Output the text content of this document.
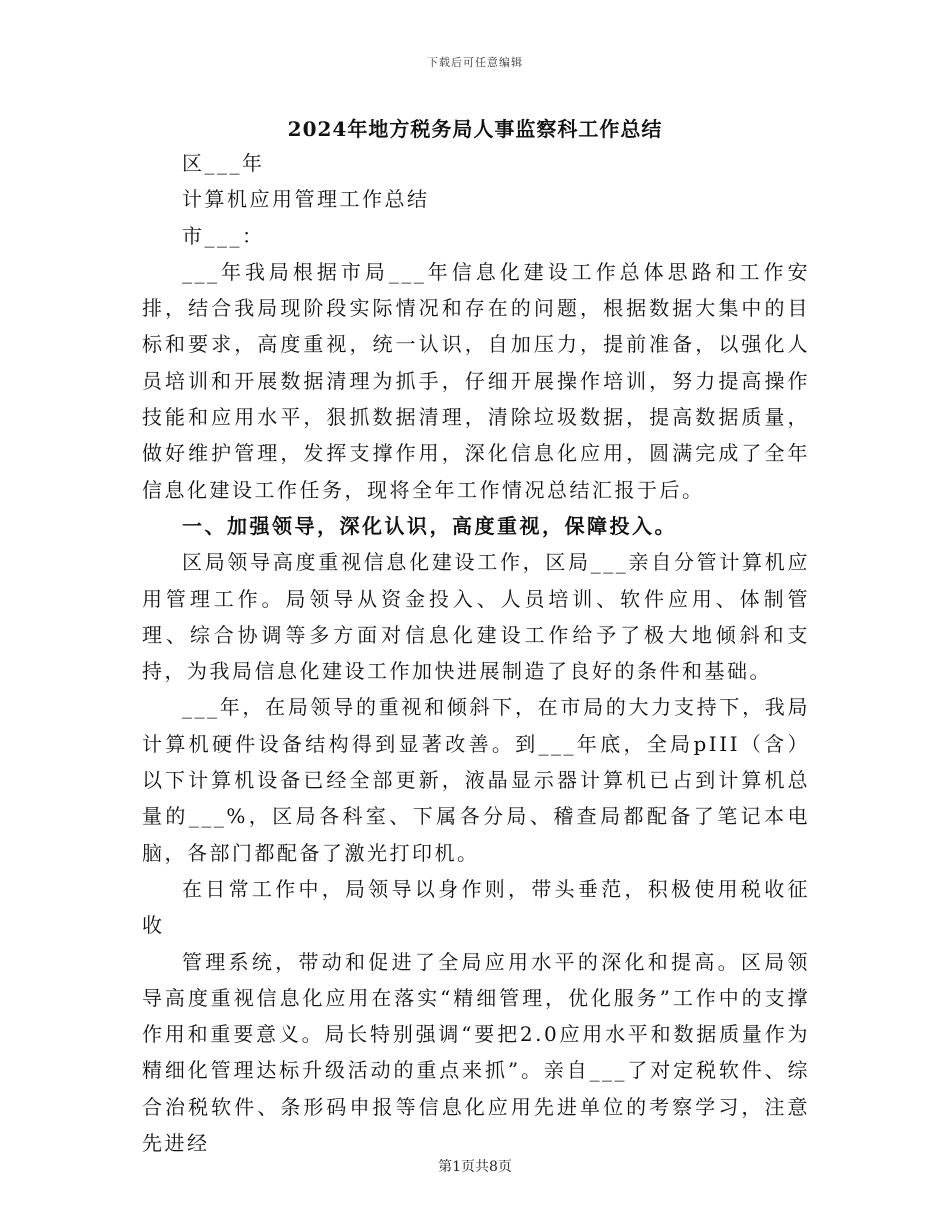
下载后可任意编辑
2024年地方税务局人事监察科工作总结

区___年

计算机应用管理工作总结

市___：

___年我局根据市局___年信息化建设工作总体思路和工作安排，结合我局现阶段实际情况和存在的问题，根据数据大集中的目标和要求，高度重视，统一认识，自加压力，提前准备，以强化人员培训和开展数据清理为抓手，仔细开展操作培训，努力提高操作技能和应用水平，狠抓数据清理，清除垃圾数据，提高数据质量，做好维护管理，发挥支撑作用，深化信息化应用，圆满完成了全年信息化建设工作任务，现将全年工作情况总结汇报于后。

一、加强领导，深化认识，高度重视，保障投入。

区局领导高度重视信息化建设工作，区局___亲自分管计算机应用管理工作。局领导从资金投入、人员培训、软件应用、体制管理、综合协调等多方面对信息化建设工作给予了极大地倾斜和支持，为我局信息化建设工作加快进展制造了良好的条件和基础。

___年，在局领导的重视和倾斜下，在市局的大力支持下，我局计算机硬件设备结构得到显著改善。到___年底，全局pIII（含）以下计算机设备已经全部更新，液晶显示器计算机已占到计算机总量的___%，区局各科室、下属各分局、稽查局都配备了笔记本电脑，各部门都配备了激光打印机。

在日常工作中，局领导以身作则，带头垂范，积极使用税收征收

管理系统，带动和促进了全局应用水平的深化和提高。区局领导高度重视信息化应用在落实“精细管理，优化服务”工作中的支撑作用和重要意义。局长特别强调“要把2.0应用水平和数据质量作为精细化管理达标升级活动的重点来抓”。亲自___了对定税软件、综合治税软件、条形码申报等信息化应用先进单位的考察学习，注意先进经

第1页共8页
